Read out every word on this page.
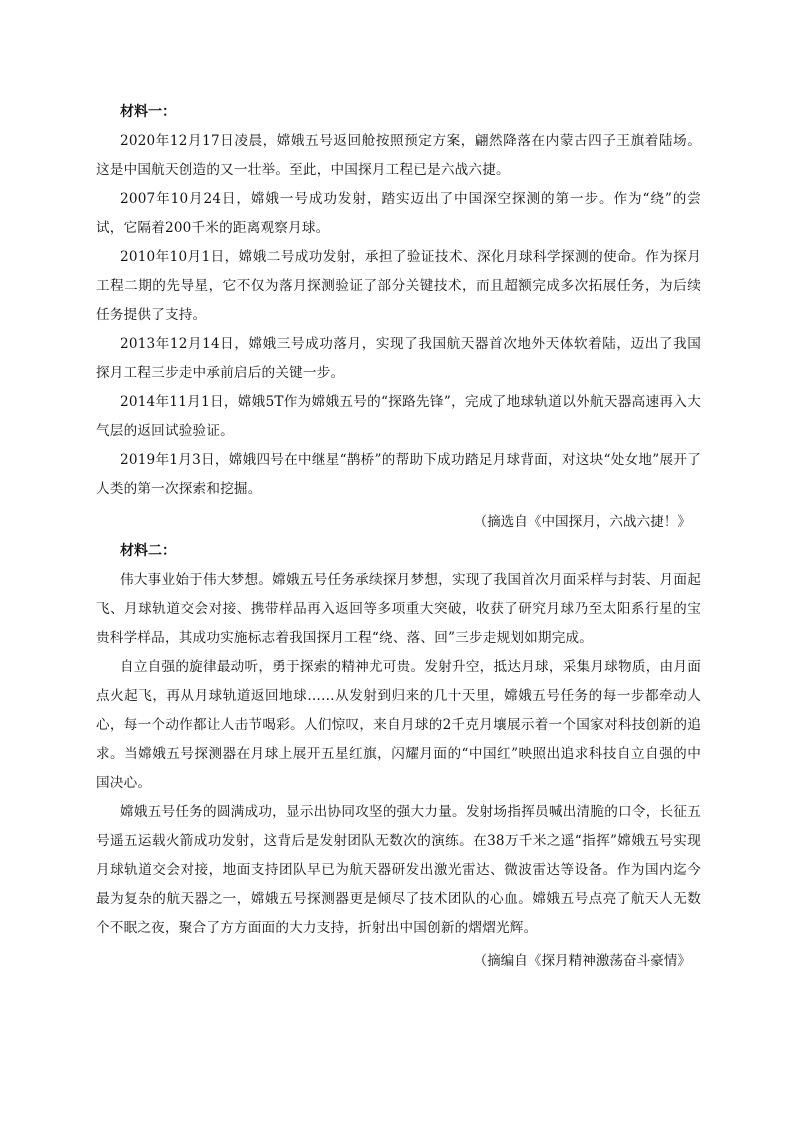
材料一：

2020年12月17日凌晨，嫦娥五号返回舱按照预定方案，翩然降落在内蒙古四子王旗着陆场。这是中国航天创造的又一壮举。至此，中国探月工程已是六战六捷。

2007年10月24日，嫦娥一号成功发射，踏实迈出了中国深空探测的第一步。作为“绕”的尝试，它隔着200千米的距离观察月球。

2010年10月1日，嫦娥二号成功发射，承担了验证技术、深化月球科学探测的使命。作为探月工程二期的先导星，它不仅为落月探测验证了部分关键技术，而且超额完成多次拓展任务，为后续任务提供了支持。

2013年12月14日，嫦娥三号成功落月，实现了我国航天器首次地外天体软着陆，迈出了我国探月工程三步走中承前启后的关键一步。

2014年11月1日，嫦娥5T作为嫦娥五号的“探路先锋”，完成了地球轨道以外航天器高速再入大气层的返回试验验证。

2019年1月3日，嫦娥四号在中继星“鹊桥”的帮助下成功踏足月球背面，对这块“处女地”展开了人类的第一次探索和挖掘。

（摘选自《中国探月，六战六捷！》

材料二：

伟大事业始于伟大梦想。嫦娥五号任务承续探月梦想，实现了我国首次月面采样与封装、月面起飞、月球轨道交会对接、携带样品再入返回等多项重大突破，收获了研究月球乃至太阳系行星的宝贵科学样品，其成功实施标志着我国探月工程“绕、落、回”三步走规划如期完成。

自立自强的旋律最动听，勇于探索的精神尤可贵。发射升空，抵达月球，采集月球物质，由月面点火起飞，再从月球轨道返回地球……从发射到归来的几十天里，嫦娥五号任务的每一步都牵动人心，每一个动作都让人击节喝彩。人们惊叹，来自月球的2千克月壤展示着一个国家对科技创新的追求。当嫦娥五号探测器在月球上展开五星红旗，闪耀月面的“中国红”映照出追求科技自立自强的中国决心。

嫦娥五号任务的圆满成功，显示出协同攻坚的强大力量。发射场指挥员喊出清脆的口令，长征五号遥五运载火箭成功发射，这背后是发射团队无数次的演练。在38万千米之遥“指挥”嫦娥五号实现月球轨道交会对接，地面支持团队早已为航天器研发出激光雷达、微波雷达等设备。作为国内迄今最为复杂的航天器之一，嫦娥五号探测器更是倾尽了技术团队的心血。嫦娥五号点亮了航天人无数个不眠之夜，聚合了方方面面的大力支持，折射出中国创新的熠熠光辉。

（摘编自《探月精神激荡奋斗豪情》
